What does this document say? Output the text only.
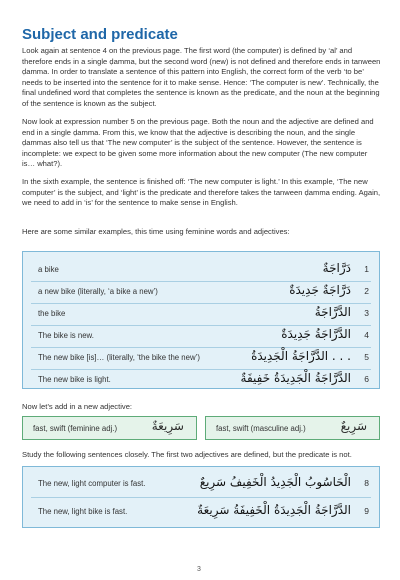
Subject and predicate
Look again at sentence 4 on the previous page. The first word (the computer) is defined by ‘al’ and therefore ends in a single ḍamma, but the second word (new) is not defined and therefore ends in tanween ḍamma. In order to translate a sentence of this pattern into English, the correct form of the verb ‘to be’ needs to be inserted into the sentence for it to make sense. Hence: ‘The computer is new’. Technically, the final undefined word that completes the sentence is known as the predicate, and the noun at the beginning of the sentence is known as the subject.
Now look at expression number 5 on the previous page. Both the noun and the adjective are defined and end in a single ḍamma. From this, we know that the adjective is describing the noun, and the single ḍammas also tell us that ‘The new computer’ is the subject of the sentence. However, the sentence is incomplete: we expect to be given some more information about the new computer (The new computer is… what?).
In the sixth example, the sentence is finished off: ‘The new computer is light.’ In this example, ‘The new computer’ is the subject, and ‘light’ is the predicate and therefore takes the tanween ḍamma ending. Again, we need to add in ‘is’ for the sentence to make sense in English.
Here are some similar examples, this time using feminine words and adjectives:
a bike	دَرَّاجَةٌ 1
a new bike (literally, ‘a bike a new’)	دَرَّاجَةٌ جَدِيدَةٌ 2
the bike	الدَّرَّاجَةُ 3
The bike is new.	الدَّرَّاجَةُ جَدِيدَةٌ 4
The new bike [is]… (literally, ‘the bike the new’)	. . . الدَّرَّاجَةُ الْجَدِيدَةُ 5
The new bike is light.	الدَّرَّاجَةُ الْجَدِيدَةُ خَفِيفَةٌ 6
Now let’s add in a new adjective:
fast, swift (feminine adj.)	سَرِيعَةٌ	fast, swift (masculine adj.)	سَرِيعٌ
Study the following sentences closely. The first two adjectives are defined, but the predicate is not.
The new, light computer is fast.	الْحَاسُوبُ الْجَدِيدُ الْخَفِيفُ سَرِيعٌ 8
The new, light bike is fast.	الدَّرَّاجَةُ الْجَدِيدَةُ الْخَفِيفَةُ سَرِيعَةٌ 9
3
